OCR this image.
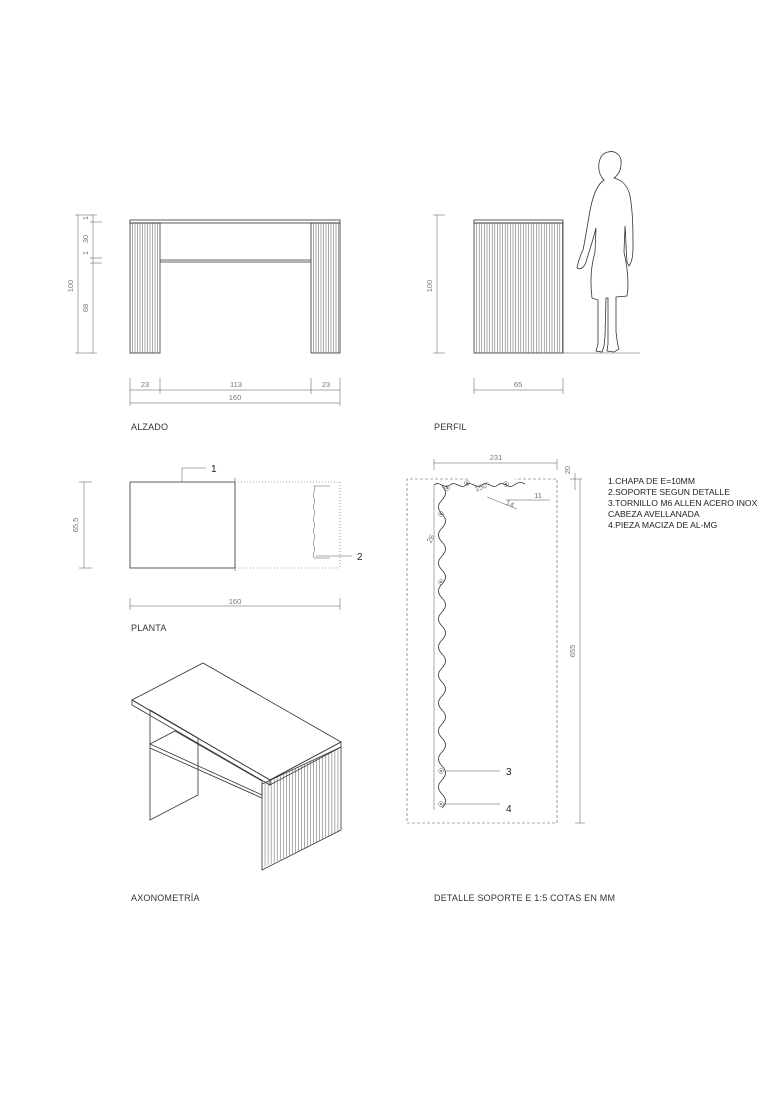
1
30
1
68
100
23	113	23
160
ALZADO
100
65
PERFIL
1
2
65,5
160
PLANTA
AXONOMETRÍA
231
20
655
11
14
150°
26
3
4
DETALLE SOPORTE E 1:5 COTAS EN MM
1.CHAPA DE E=10MM
2.SOPORTE SEGUN DETALLE
3.TORNILLO M6 ALLEN ACERO INOX
CABEZA AVELLANADA
4.PIEZA MACIZA DE AL-MG
